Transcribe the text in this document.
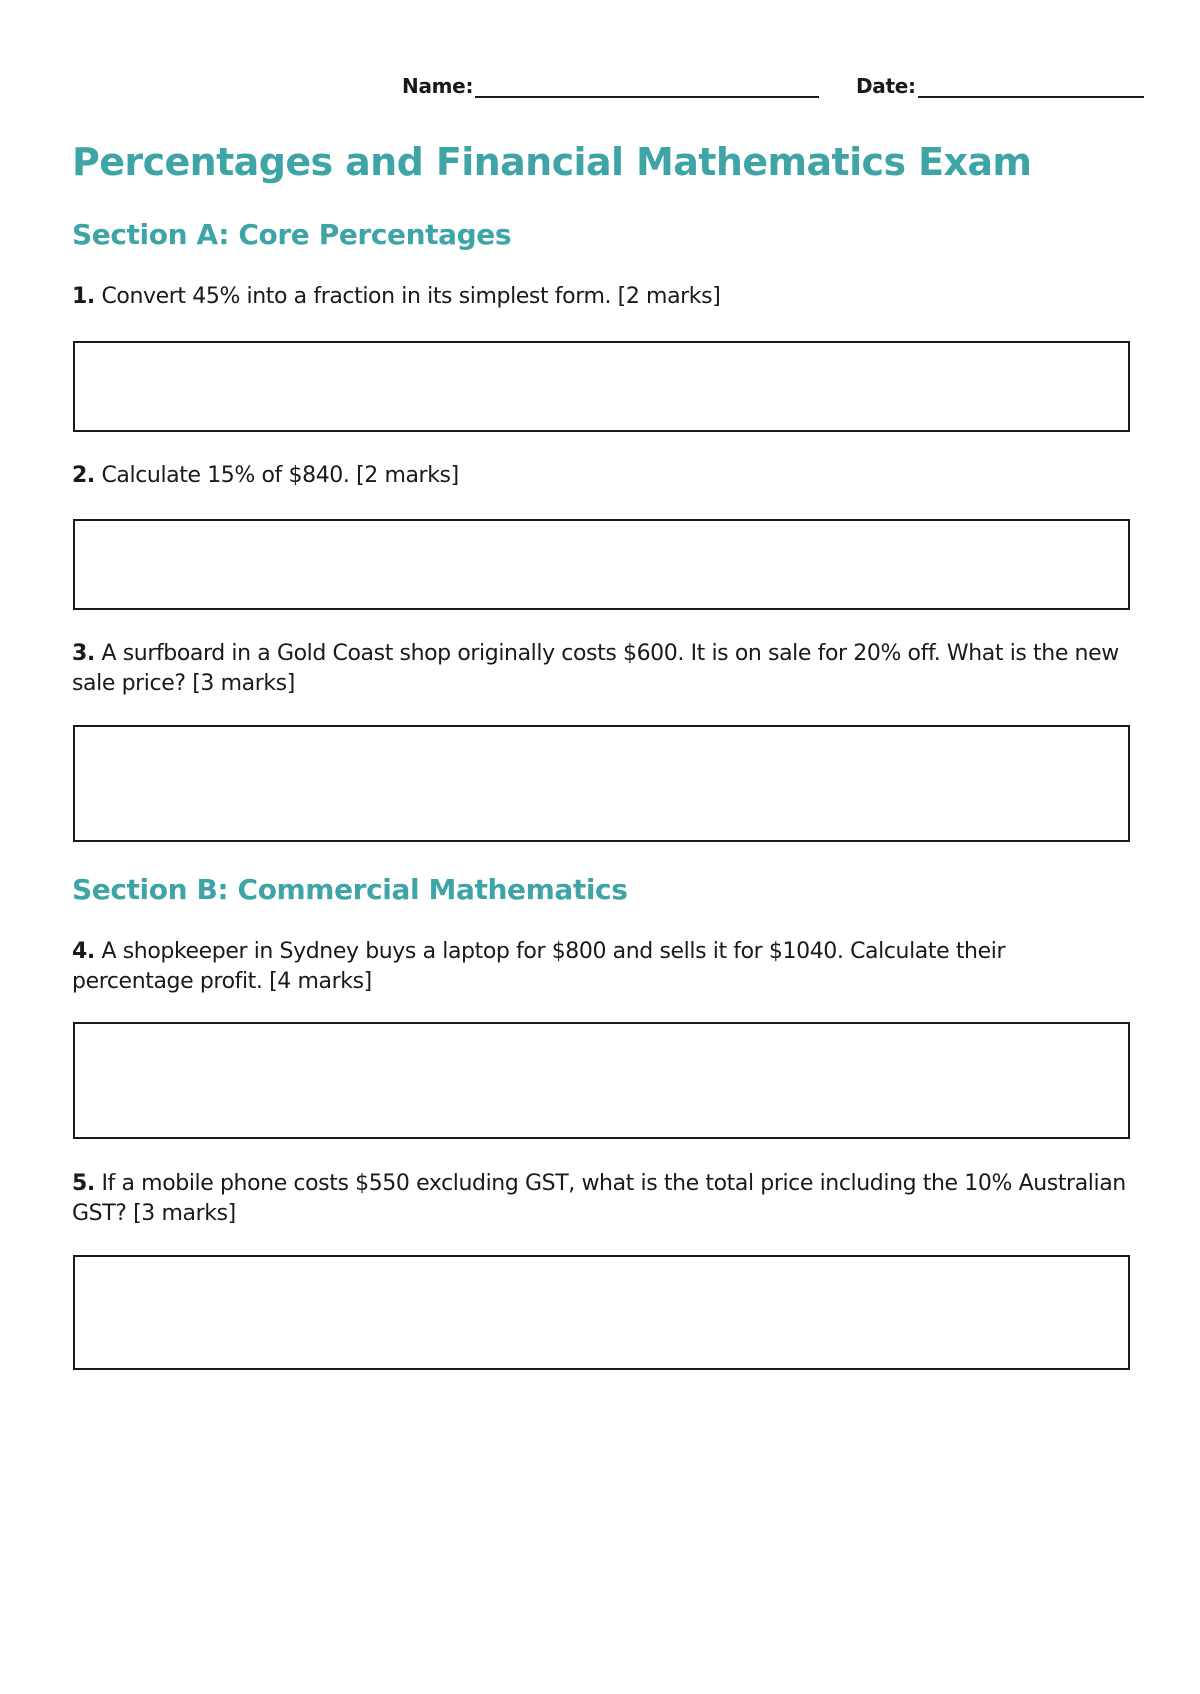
Name:	Date:
Percentages and Financial Mathematics Exam
Section A: Core Percentages

1. Convert 45% into a fraction in its simplest form. [2 marks]

2. Calculate 15% of $840. [2 marks]

3. A surfboard in a Gold Coast shop originally costs $600. It is on sale for 20% off. What is the new sale price? [3 marks]

Section B: Commercial Mathematics

4. A shopkeeper in Sydney buys a laptop for $800 and sells it for $1040. Calculate their percentage profit. [4 marks]

5. If a mobile phone costs $550 excluding GST, what is the total price including the 10% Australian GST? [3 marks]
